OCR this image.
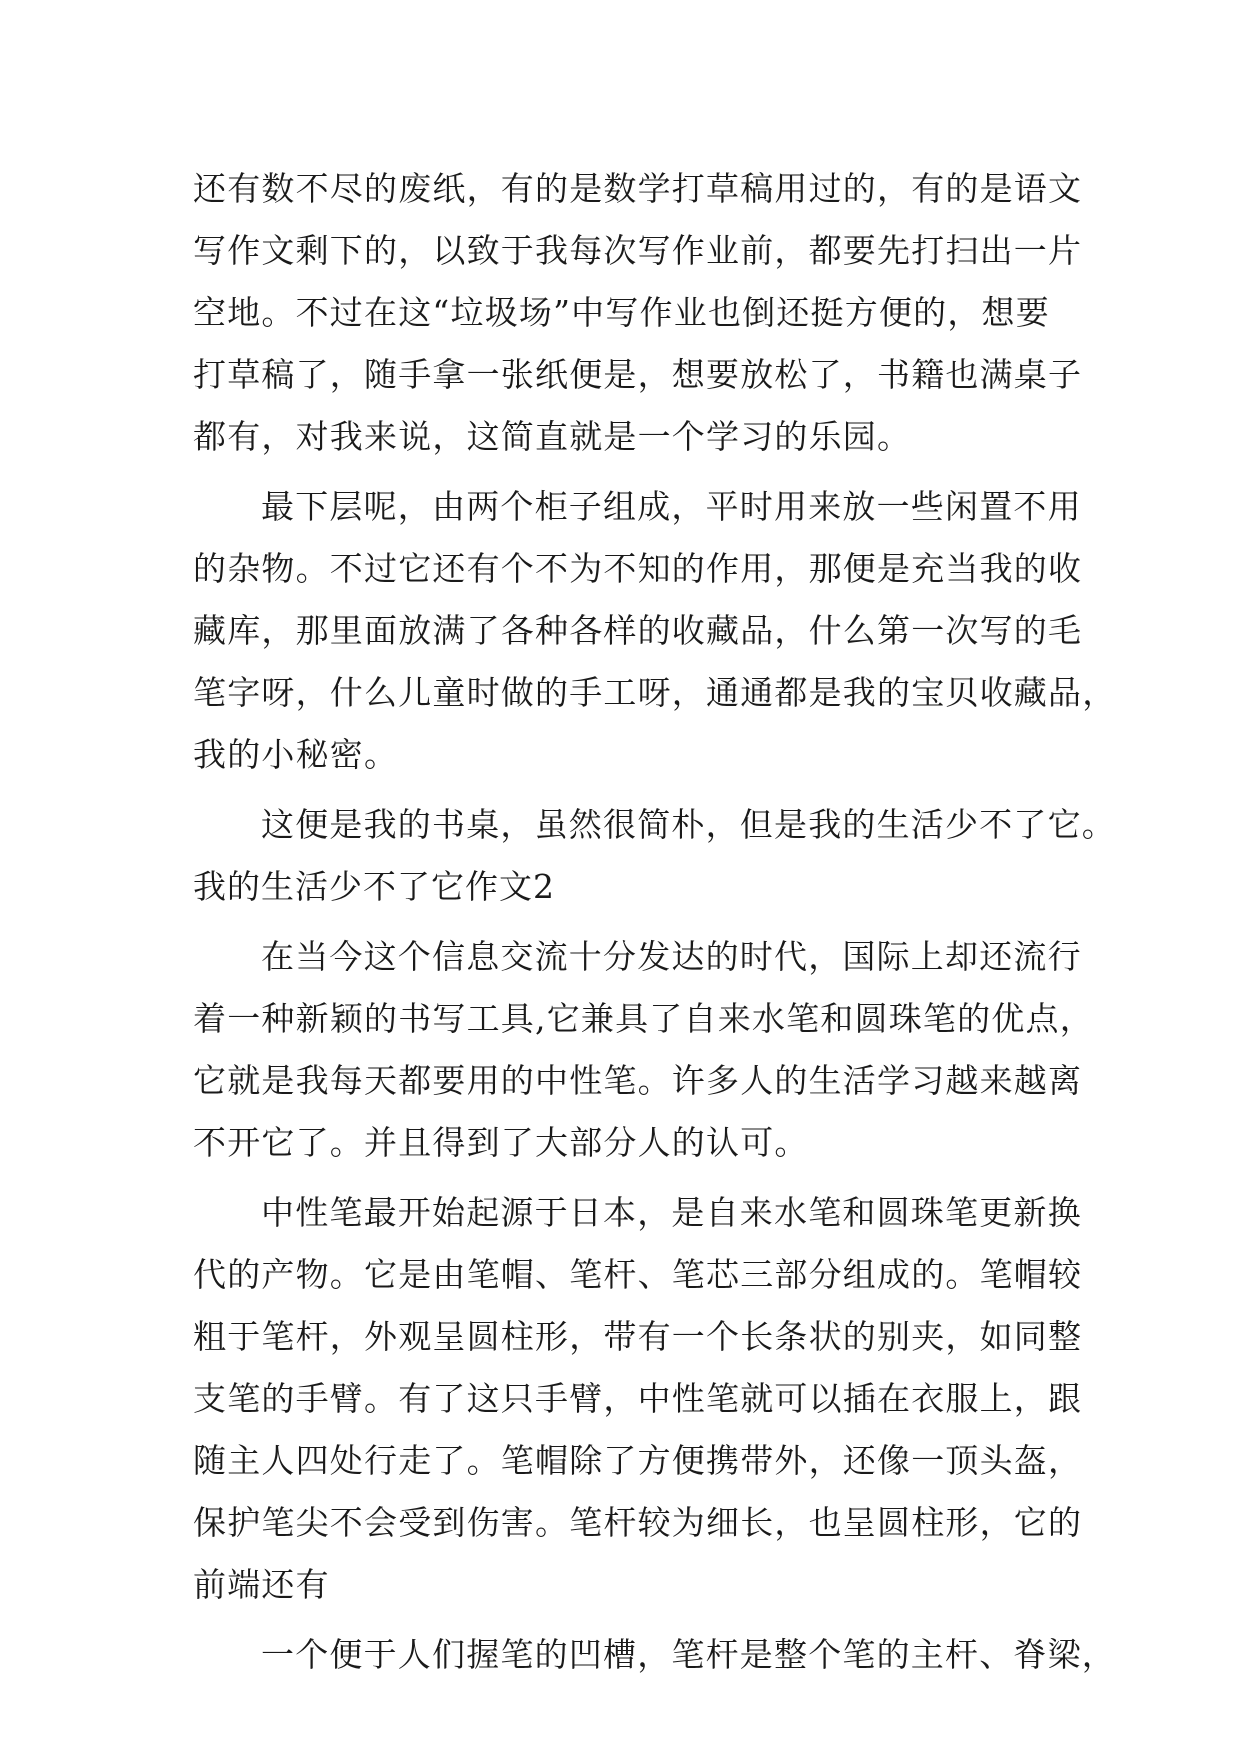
还有数不尽的废纸，有的是数学打草稿用过的，有的是语文
写作文剩下的，以致于我每次写作业前，都要先打扫出一片
空地。不过在这“垃圾场”中写作业也倒还挺方便的，想要
打草稿了，随手拿一张纸便是，想要放松了，书籍也满桌子
都有，对我来说，这简直就是一个学习的乐园。
最下层呢，由两个柜子组成，平时用来放一些闲置不用
的杂物。不过它还有个不为不知的作用，那便是充当我的收
藏库，那里面放满了各种各样的收藏品，什么第一次写的毛
笔字呀，什么儿童时做的手工呀，通通都是我的宝贝收藏品，
我的小秘密。
这便是我的书桌，虽然很简朴，但是我的生活少不了它。
我的生活少不了它作文2
在当今这个信息交流十分发达的时代，国际上却还流行
着一种新颖的书写工具,它兼具了自来水笔和圆珠笔的优点，
它就是我每天都要用的中性笔。许多人的生活学习越来越离
不开它了。并且得到了大部分人的认可。
中性笔最开始起源于日本，是自来水笔和圆珠笔更新换
代的产物。它是由笔帽、笔杆、笔芯三部分组成的。笔帽较
粗于笔杆，外观呈圆柱形，带有一个长条状的别夹，如同整
支笔的手臂。有了这只手臂，中性笔就可以插在衣服上，跟
随主人四处行走了。笔帽除了方便携带外，还像一顶头盔，
保护笔尖不会受到伤害。笔杆较为细长，也呈圆柱形，它的
前端还有
一个便于人们握笔的凹槽，笔杆是整个笔的主杆、脊梁，
